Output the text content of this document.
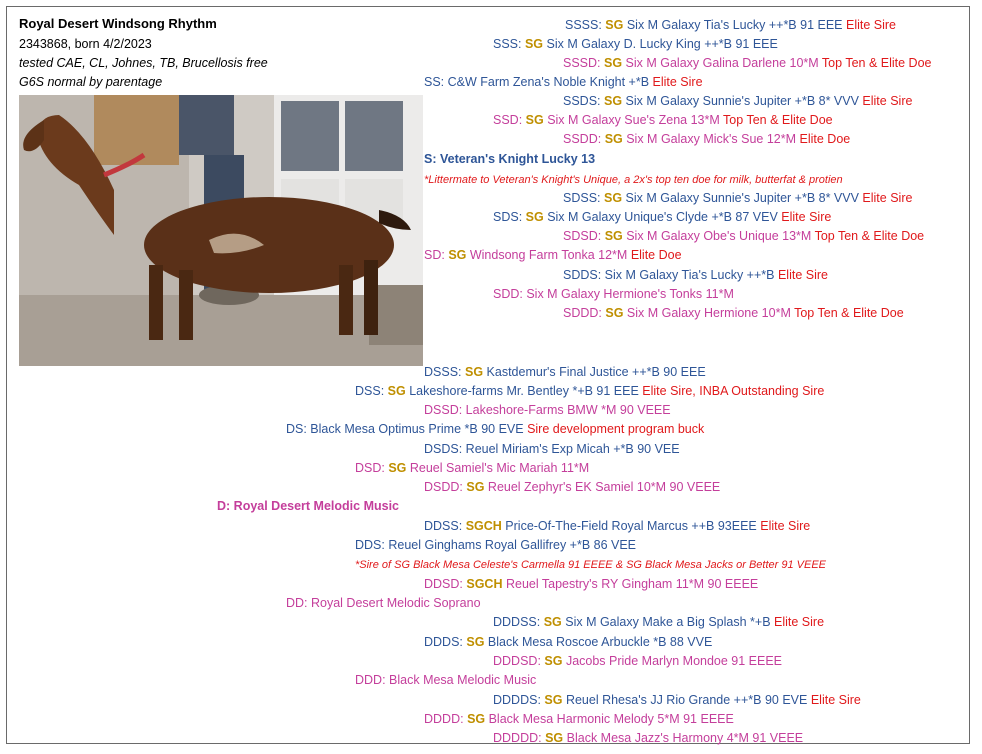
Royal Desert Windsong Rhythm
2343868, born 4/2/2023
tested CAE, CL, Johnes, TB, Brucellosis free
G6S normal by parentage
SSSS: SG Six M Galaxy Tia's Lucky ++*B 91 EEE Elite Sire
SSS: SG Six M Galaxy D. Lucky King ++*B 91 EEE
SSSD: SG Six M Galaxy Galina Darlene 10*M Top Ten & Elite Doe
SS: C&W Farm Zena's Noble Knight +*B Elite Sire
SSDS: SG Six M Galaxy Sunnie's Jupiter +*B 8* VVV Elite Sire
SSD: SG Six M Galaxy Sue's Zena 13*M Top Ten & Elite Doe
SSDD: SG Six M Galaxy Mick's Sue 12*M Elite Doe
S: Veteran's Knight Lucky 13
*Littermate to Veteran's Knight's Unique, a 2x's top ten doe for milk, butterfat & protien
SDSS: SG Six M Galaxy Sunnie's Jupiter +*B 8* VVV Elite Sire
SDS: SG Six M Galaxy Unique's Clyde +*B 87 VEV Elite Sire
SDSD: SG Six M Galaxy Obe's Unique 13*M Top Ten & Elite Doe
SD: SG Windsong Farm Tonka 12*M Elite Doe
SDDS: Six M Galaxy Tia's Lucky ++*B Elite Sire
SDD: Six M Galaxy Hermione's Tonks 11*M
SDDD: SG Six M Galaxy Hermione 10*M Top Ten & Elite Doe
DSSS: SG Kastdemur's Final Justice ++*B 90 EEE
DSS: SG Lakeshore-farms Mr. Bentley *+B 91 EEE Elite Sire, INBA Outstanding Sire
DSSD: Lakeshore-Farms BMW *M 90 VEEE
DS: Black Mesa Optimus Prime *B 90 EVE Sire development program buck
DSDS: Reuel Miriam's Exp Micah +*B 90 VEE
DSD: SG Reuel Samiel's Mic Mariah 11*M
DSDD: SG Reuel Zephyr's EK Samiel 10*M 90 VEEE
D: Royal Desert Melodic Music
DDSS: SGCH Price-Of-The-Field Royal Marcus ++B 93EEE Elite Sire
DDS: Reuel Ginghams Royal Gallifrey +*B 86 VEE
*Sire of SG Black Mesa Celeste's Carmella 91 EEEE & SG Black Mesa Jacks or Better 91 VEEE
DDSD: SGCH Reuel Tapestry's RY Gingham 11*M 90 EEEE
DD: Royal Desert Melodic Soprano
DDDSS: SG Six M Galaxy Make a Big Splash *+B Elite Sire
DDDS: SG Black Mesa Roscoe Arbuckle *B 88 VVE
DDDSD: SG Jacobs Pride Marlyn Mondoe 91 EEEE
DDD: Black Mesa Melodic Music
DDDDS: SG Reuel Rhesa's JJ Rio Grande ++*B 90 EVE Elite Sire
DDDD: SG Black Mesa Harmonic Melody 5*M 91 EEEE
DDDDD: SG Black Mesa Jazz's Harmony 4*M 91 VEEE
